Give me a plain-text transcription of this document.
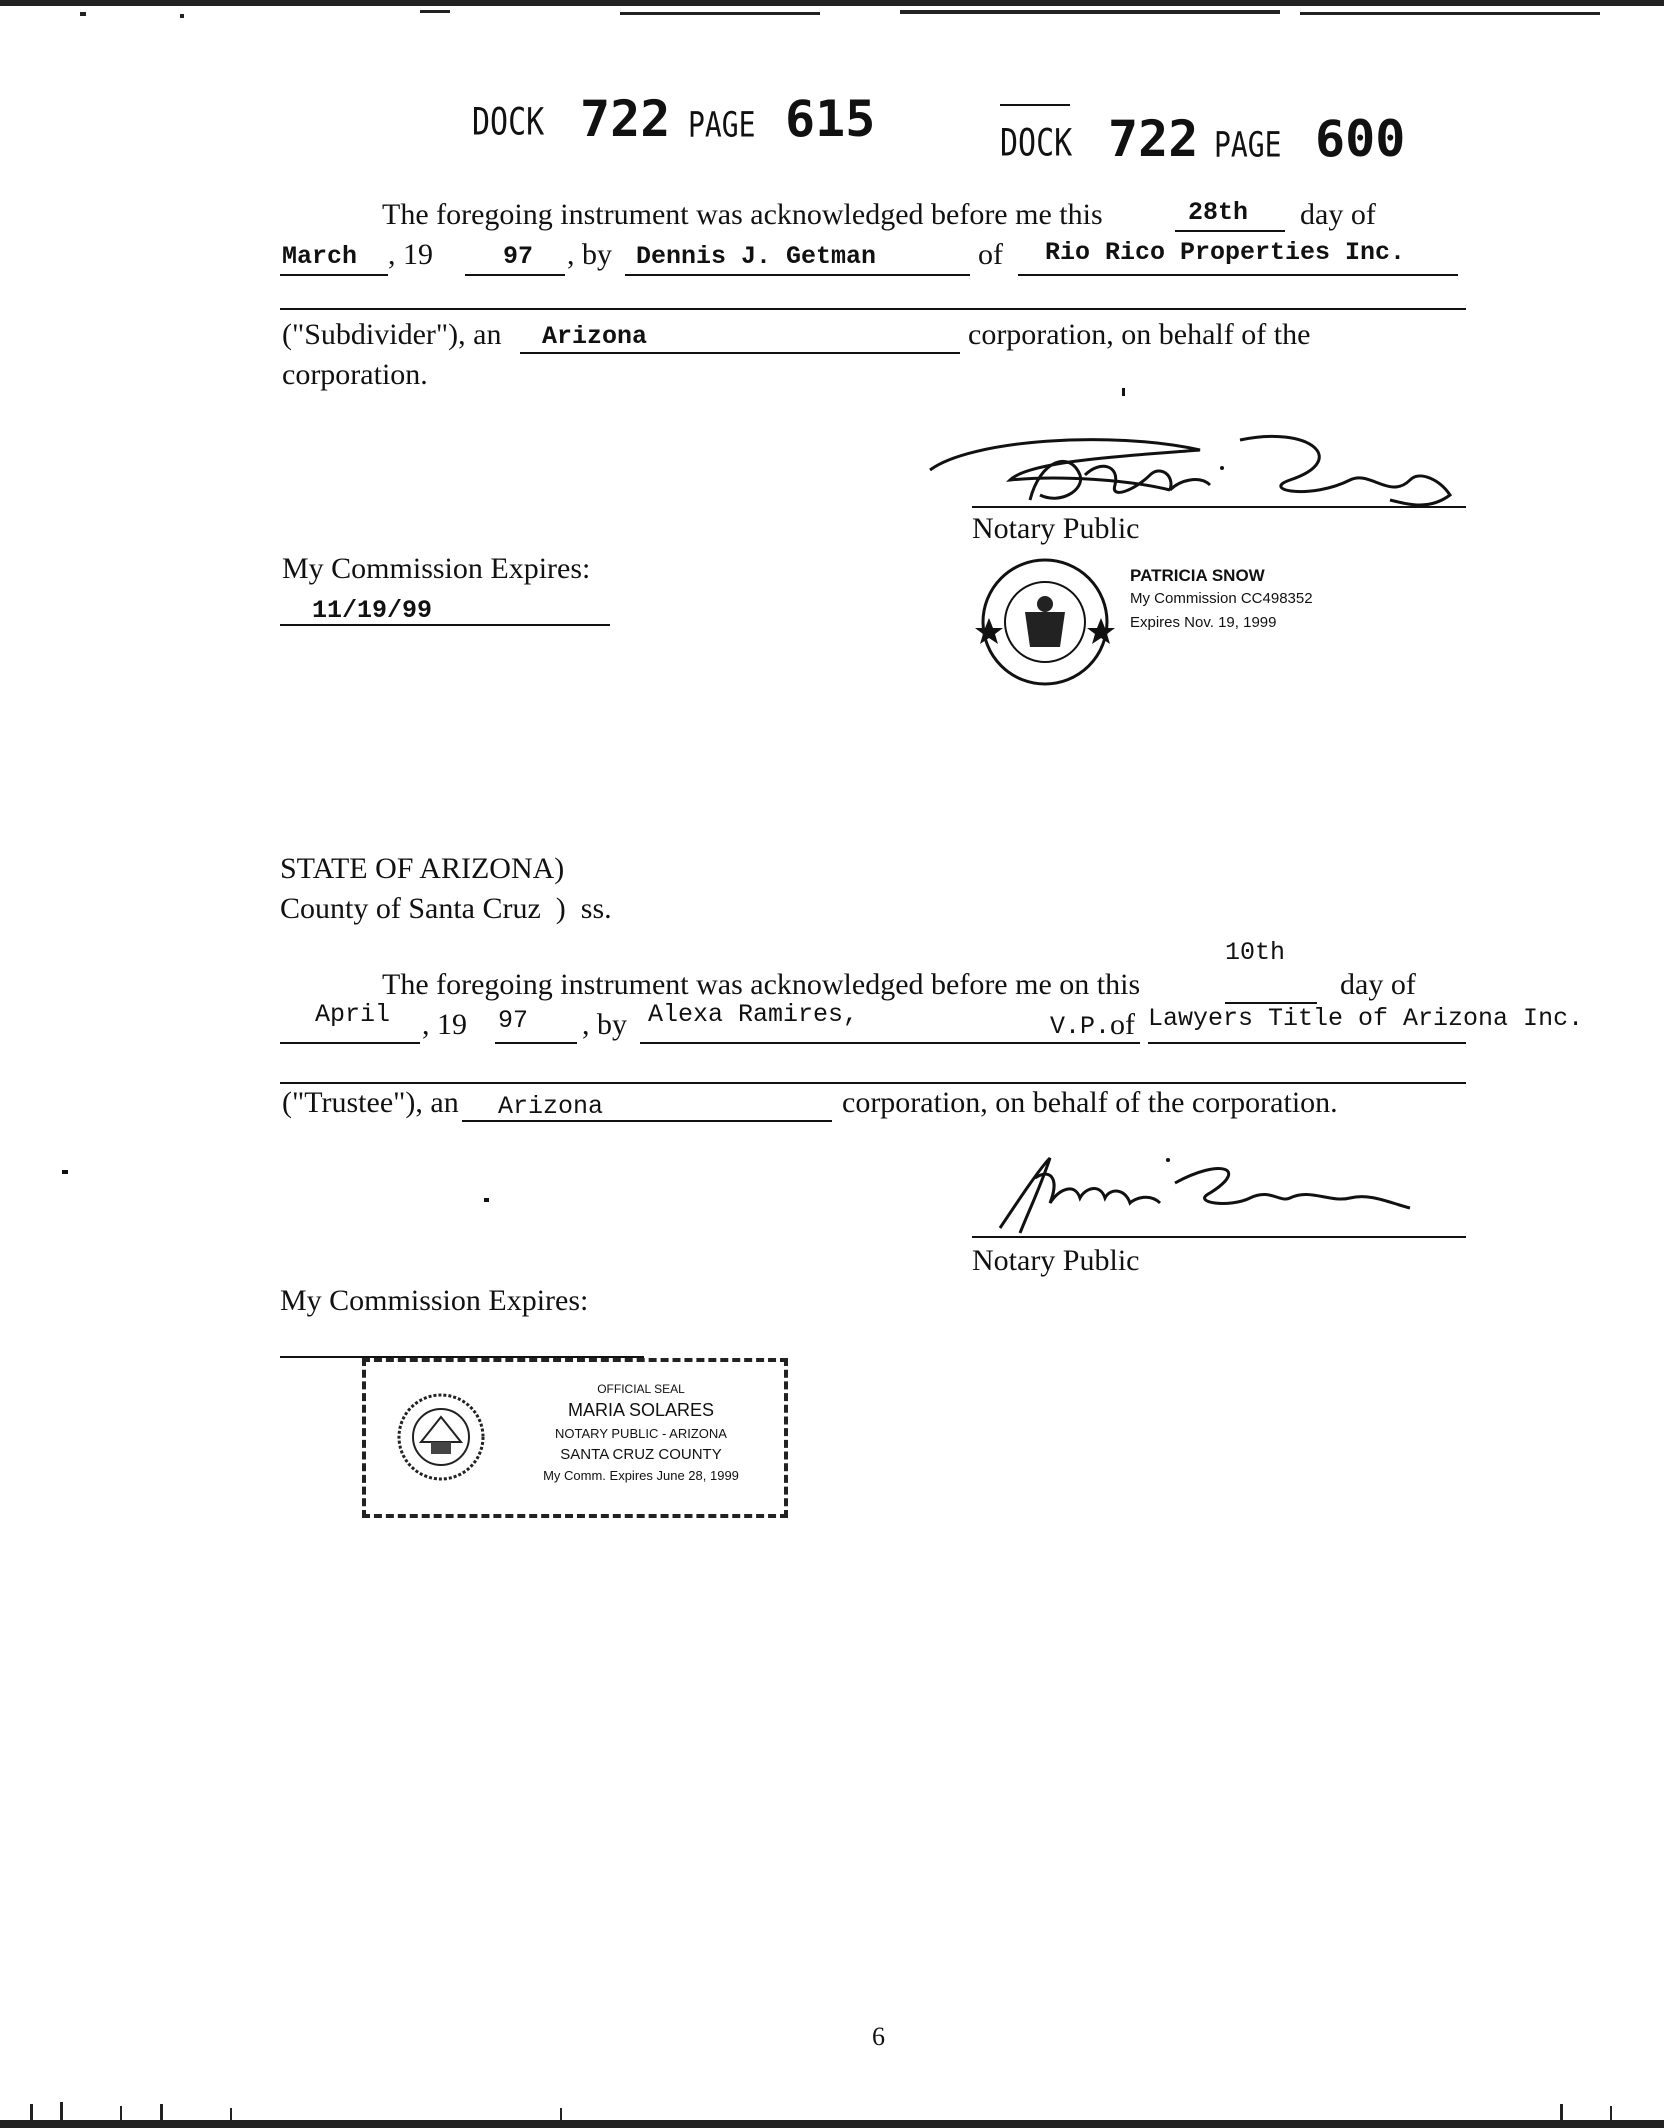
DOCK 722 PAGE 615	DOCK 722 PAGE 600
The foregoing instrument was acknowledged before me this	28th day of
March , 19	97 , by Dennis J. Getman	of Rio Rico Properties Inc.
("Subdivider"), an Arizona	corporation, on behalf of the
corporation.
Notary Public
My Commission Expires:
11/19/99
PATRICIA SNOW
My Commission CC498352
Expires Nov. 19, 1999
STATE OF ARIZONA)
County of Santa Cruz  )  ss.
10th
The foregoing instrument was acknowledged before me on this	day of
April , 19 97 , by Alexa Ramires,	V.P. of Lawyers Title of Arizona Inc.
("Trustee"), an Arizona	corporation, on behalf of the corporation.
Notary Public
My Commission Expires:
OFFICIAL SEAL
MARIA SOLARES
NOTARY PUBLIC - ARIZONA
SANTA CRUZ COUNTY
My Comm. Expires June 28, 1999
6
